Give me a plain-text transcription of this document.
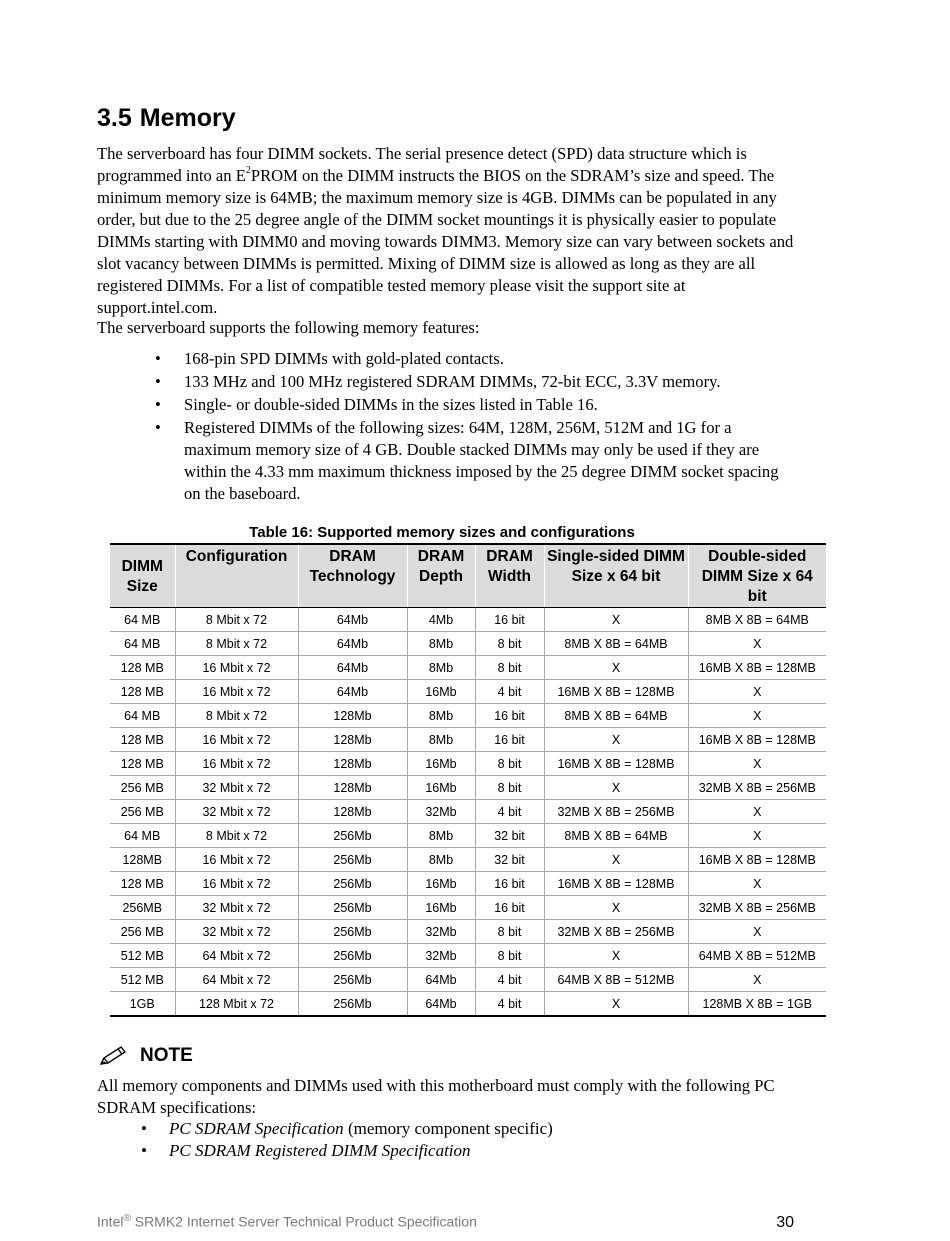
3.5 Memory

The serverboard has four DIMM sockets. The serial presence detect (SPD) data structure which is programmed into an $E^2PROM$ on the DIMM instructs the BIOS on the SDRAM’s size and speed. The minimum memory size is 64MB; the maximum memory size is 4GB. DIMMs can be populated in any order, but due to the 25 degree angle of the DIMM socket mountings it is physically easier to populate DIMMs starting with DIMM0 and moving towards DIMM3. Memory size can vary between sockets and slot vacancy between DIMMs is permitted. Mixing of DIMM size is allowed as long as they are all registered DIMMs. For a list of compatible tested memory please visit the support site at support.intel.com.

The serverboard supports the following memory features:

• 168-pin SPD DIMMs with gold-plated contacts.
• 133 MHz and 100 MHz registered SDRAM DIMMs, 72-bit ECC, 3.3V memory.
• Single- or double-sided DIMMs in the sizes listed in Table 16.
• Registered DIMMs of the following sizes: 64M, 128M, 256M, 512M and 1G for a maximum memory size of 4 GB. Double stacked DIMMs may only be used if they are within the 4.33 mm maximum thickness imposed by the 25 degree DIMM socket spacing on the baseboard.

Table 16: Supported memory sizes and configurations

DIMM Size	Configuration	DRAM Technology	DRAM Depth	DRAM Width	Single-sided DIMM Size x 64 bit	Double-sided DIMM Size x 64 bit
64 MB	8 Mbit x 72	64Mb	4Mb	16 bit	X	8MB X 8B = 64MB
64 MB	8 Mbit x 72	64Mb	8Mb	8 bit	8MB X 8B = 64MB	X
128 MB	16 Mbit x 72	64Mb	8Mb	8 bit	X	16MB X 8B = 128MB
128 MB	16 Mbit x 72	64Mb	16Mb	4 bit	16MB X 8B = 128MB	X
64 MB	8 Mbit x 72	128Mb	8Mb	16 bit	8MB X 8B = 64MB	X
128 MB	16 Mbit x 72	128Mb	8Mb	16 bit	X	16MB X 8B = 128MB
128 MB	16 Mbit x 72	128Mb	16Mb	8 bit	16MB X 8B = 128MB	X
256 MB	32 Mbit x 72	128Mb	16Mb	8 bit	X	32MB X 8B = 256MB
256 MB	32 Mbit x 72	128Mb	32Mb	4 bit	32MB X 8B = 256MB	X
64 MB	8 Mbit x 72	256Mb	8Mb	32 bit	8MB X 8B = 64MB	X
128MB	16 Mbit x 72	256Mb	8Mb	32 bit	X	16MB X 8B = 128MB
128 MB	16 Mbit x 72	256Mb	16Mb	16 bit	16MB X 8B = 128MB	X
256MB	32 Mbit x 72	256Mb	16Mb	16 bit	X	32MB X 8B = 256MB
256 MB	32 Mbit x 72	256Mb	32Mb	8 bit	32MB X 8B = 256MB	X
512 MB	64 Mbit x 72	256Mb	32Mb	8 bit	X	64MB X 8B = 512MB
512 MB	64 Mbit x 72	256Mb	64Mb	4 bit	64MB X 8B = 512MB	X
1GB	128 Mbit x 72	256Mb	64Mb	4 bit	X	128MB X 8B = 1GB
NOTE

All memory components and DIMMs used with this motherboard must comply with the following PC SDRAM specifications:

• PC SDRAM Specification (memory component specific)
• PC SDRAM Registered DIMM Specification
Intel® SRMK2 Internet Server Technical Product Specification	30
